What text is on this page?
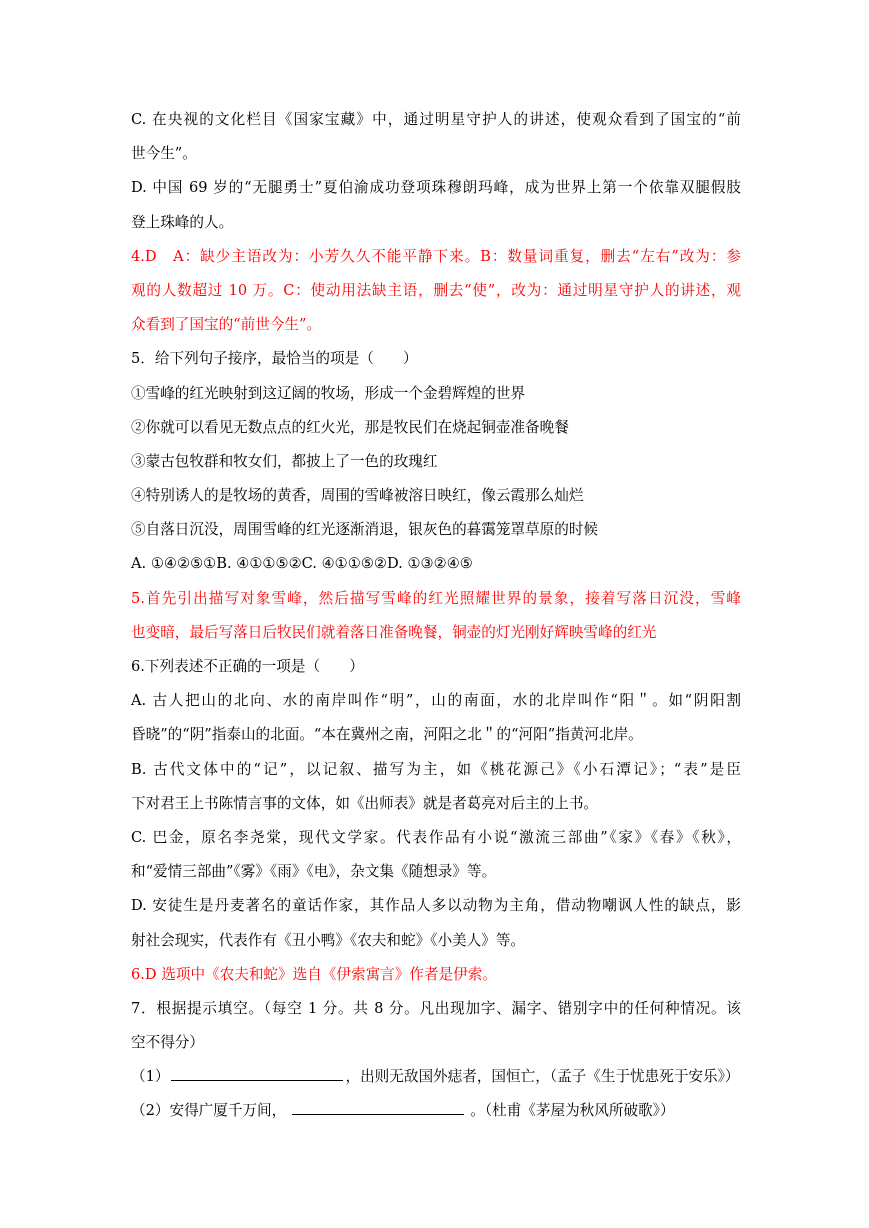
C. 在央视的文化栏目《国家宝藏》中，通过明星守护人的讲述，使观众看到了国宝的“前
世今生”。
D. 中国 69 岁的“无腿勇士”夏伯渝成功登项珠穆朗玛峰，成为世界上第一个依靠双腿假肢
登上珠峰的人。
4.D　A：缺少主语改为：小芳久久不能平静下来。B：数量词重复，删去“左右”改为：参
观的人数超过 10 万。C：使动用法缺主语，删去“使”，改为：通过明星守护人的讲述，观
众看到了国宝的“前世今生”。
5．给下列句子接序，最恰当的项是（　　）
①雪峰的红光映射到这辽阔的牧场，形成一个金碧辉煌的世界
②你就可以看见无数点点的红火光，那是牧民们在烧起铜壶准备晚餐
③蒙古包牧群和牧女们，都披上了一色的玫瑰红
④特别诱人的是牧场的黄香，周围的雪峰被溶日映红，像云霞那么灿烂
⑤自落日沉没，周围雪峰的红光逐渐消退，银灰色的暮霭笼罩草原的时候
A. ①④②⑤①B. ④①①⑤②C. ④①①⑤②D. ①③②④⑤
5.首先引出描写对象雪峰，然后描写雪峰的红光照耀世界的景象，接着写落日沉没，雪峰
也变暗，最后写落日后牧民们就着落日准备晚餐，铜壶的灯光刚好辉映雪峰的红光
6.下列表述不正确的一项是（　　）
A. 古人把山的北向、水的南岸叫作“明”，山的南面，水的北岸叫作“阳＂。如“阴阳割
昏晓”的“阴”指泰山的北面。“本在冀州之南，河阳之北＂的“河阳”指黄河北岸。
B. 古代文体中的“记”，以记叙、描写为主，如《桃花源己》《小石潭记》；“表”是臣
下对君王上书陈情言事的文体，如《出师表》就是者葛亮对后主的上书。
C. 巴金，原名李尧棠，现代文学家。代表作品有小说“激流三部曲”《家》《春》《秋》，
和“爱情三部曲”《雾》《雨》《电》，杂文集《随想录》等。
D. 安徒生是丹麦著名的童话作家，其作品人多以动物为主角，借动物嘲讽人性的缺点，影
射社会现实，代表作有《丑小鸭》《农夫和蛇》《小美人》等。
6.D 选项中《农夫和蛇》选自《伊索寓言》作者是伊索。
7．根据提示填空。（每空 1 分。共 8 分。凡出现加字、漏字、错别字中的任何种情况。该
空不得分）
（1）	，出则无敌国外痣者，国恒亡，（孟子《生于忧患死于安乐》）
（2）安得广厦千万间，	。（杜甫《茅屋为秋风所破歌》）
